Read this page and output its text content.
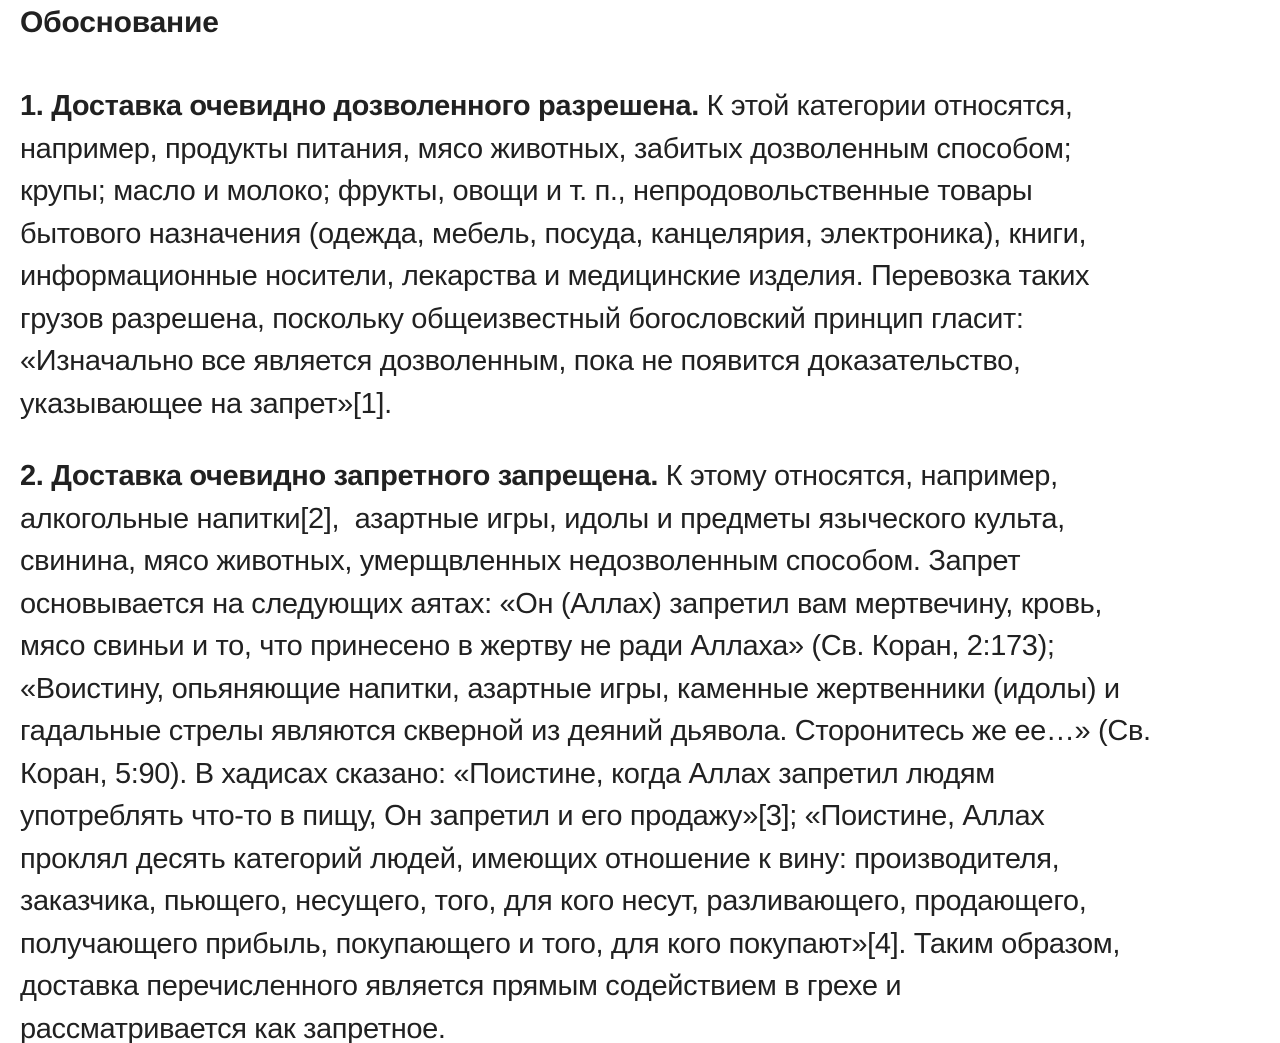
Обоснование
1. Доставка очевидно дозволенного разрешена. К этой категории относятся,
например, продукты питания, мясо животных, забитых дозволенным способом;
крупы; масло и молоко; фрукты, овощи и т. п., непродовольственные товары
бытового назначения (одежда, мебель, посуда, канцелярия, электроника), книги,
информационные носители, лекарства и медицинские изделия. Перевозка таких
грузов разрешена, поскольку общеизвестный богословский принцип гласит:
«Изначально все является дозволенным, пока не появится доказательство,
указывающее на запрет»[1].
2. Доставка очевидно запретного запрещена. К этому относятся, например,
алкогольные напитки[2],  азартные игры, идолы и предметы языческого культа,
свинина, мясо животных, умерщвленных недозволенным способом. Запрет
основывается на следующих аятах: «Он (Аллах) запретил вам мертвечину, кровь,
мясо свиньи и то, что принесено в жертву не ради Аллаха» (Св. Коран, 2:173);
«Воистину, опьяняющие напитки, азартные игры, каменные жертвенники (идолы) и
гадальные стрелы являются скверной из деяний дьявола. Сторонитесь же ее…» (Св.
Коран, 5:90). В хадисах сказано: «Поистине, когда Аллах запретил людям
употреблять что-то в пищу, Он запретил и его продажу»[3]; «Поистине, Аллах
проклял десять категорий людей, имеющих отношение к вину: производителя,
заказчика, пьющего, несущего, того, для кого несут, разливающего, продающего,
получающего прибыль, покупающего и того, для кого покупают»[4]. Таким образом,
доставка перечисленного является прямым содействием в грехе и
рассматривается как запретное.
